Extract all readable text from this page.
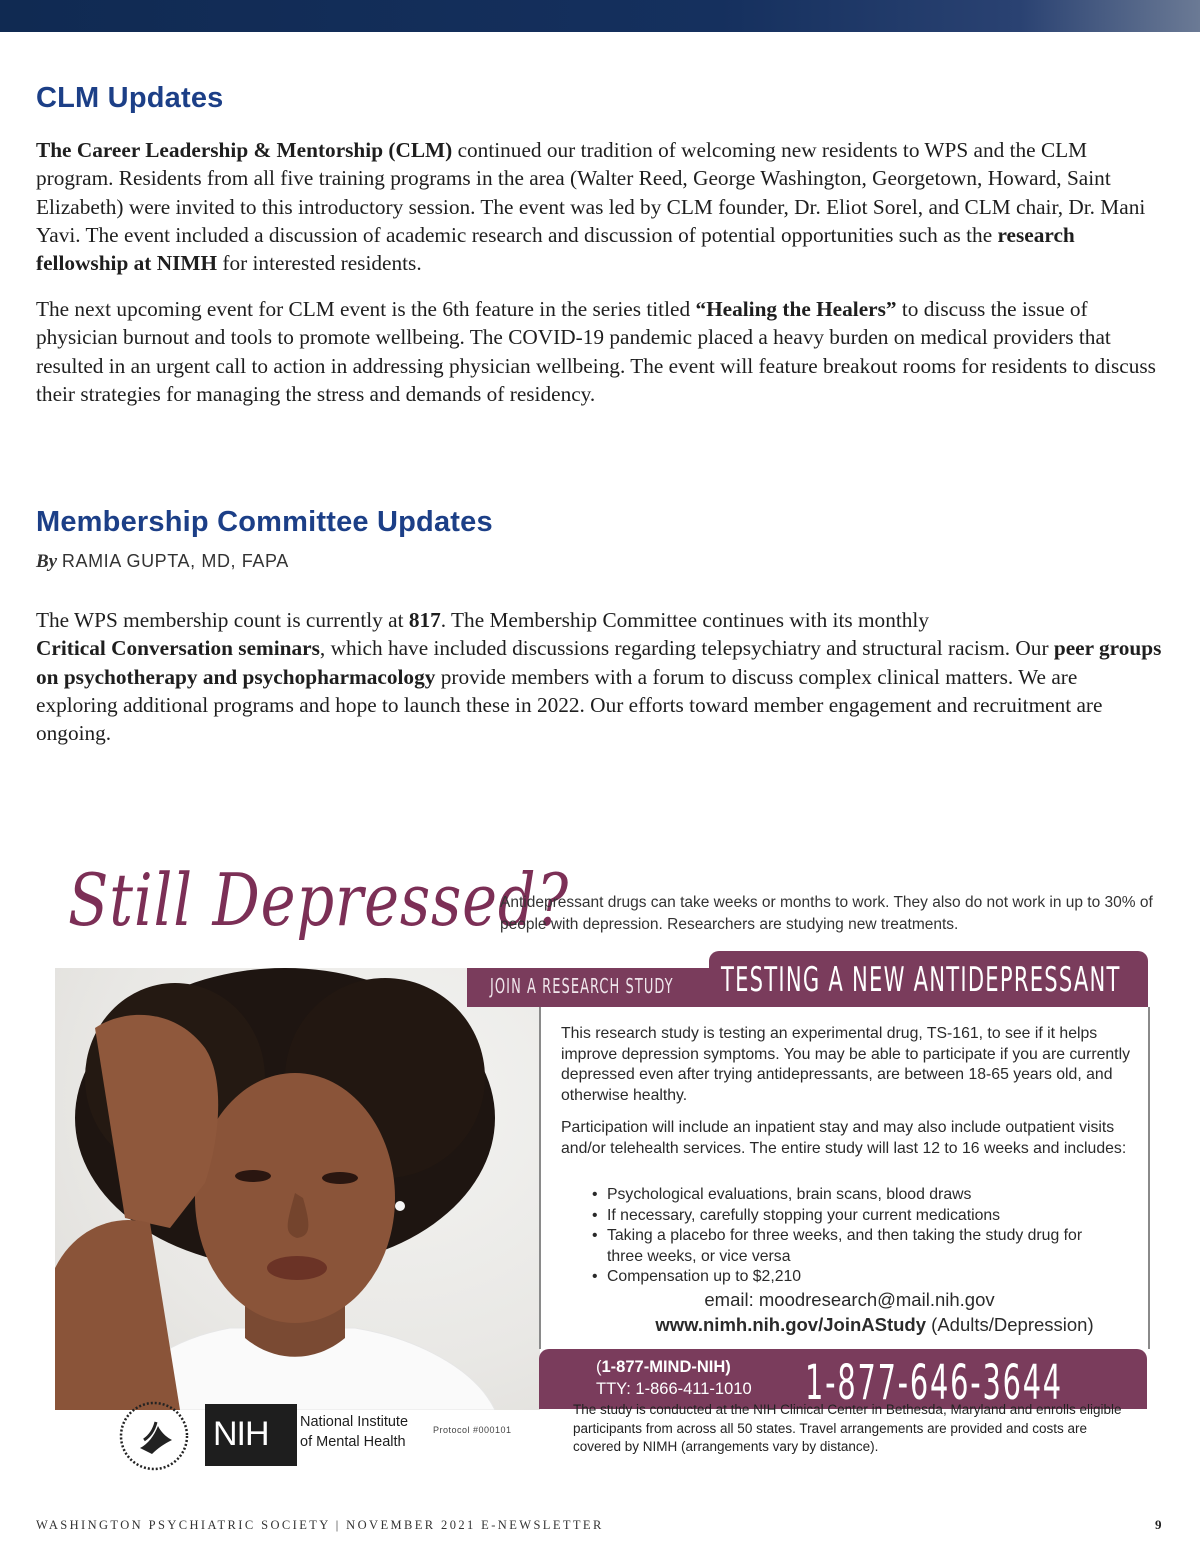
CLM Updates

The Career Leadership & Mentorship (CLM) continued our tradition of welcoming new residents to WPS and the CLM program. Residents from all five training programs in the area (Walter Reed, George Washington, Georgetown, Howard, Saint Elizabeth) were invited to this introductory session. The event was led by CLM founder, Dr. Eliot Sorel, and CLM chair, Dr. Mani Yavi. The event included a discussion of academic research and discussion of potential opportunities such as the research fellowship at NIMH for interested residents.

The next upcoming event for CLM event is the 6th feature in the series titled “Healing the Healers” to discuss the issue of physician burnout and tools to promote wellbeing. The COVID-19 pandemic placed a heavy burden on medical providers that resulted in an urgent call to action in addressing physician wellbeing. The event will feature breakout rooms for residents to discuss their strategies for managing the stress and demands of residency.

Membership Committee Updates
By RAMIA GUPTA, MD, FAPA

The WPS membership count is currently at 817. The Membership Committee continues with its monthly
Critical Conversation seminars, which have included discussions regarding telepsychiatry and structural racism. Our peer groups on psychotherapy and psychopharmacology provide members with a forum to discuss complex clinical matters. We are exploring additional programs and hope to launch these in 2022. Our efforts toward member engagement and recruitment are ongoing.

Still Depressed?

Antidepressant drugs can take weeks or months to work. They also do not work in up to 30% of people with depression. Researchers are studying new treatments.

JOIN A RESEARCH STUDY TESTING A NEW ANTIDEPRESSANT

This research study is testing an experimental drug, TS-161, to see if it helps improve depression symptoms. You may be able to participate if you are currently depressed even after trying antidepressants, are between 18-65 years old, and otherwise healthy.

Participation will include an inpatient stay and may also include outpatient visits and/or telehealth services. The entire study will last 12 to 16 weeks and includes:

• Psychological evaluations, brain scans, blood draws
• If necessary, carefully stopping your current medications
• Taking a placebo for three weeks, and then taking the study drug for three weeks, or vice versa
• Compensation up to $2,210
email: moodresearch@mail.nih.gov
www.nimh.nih.gov/JoinAStudy (Adults/Depression)
(1-877-MIND-NIH)
TTY: 1-866-411-1010 1-877-646-3644

The study is conducted at the NIH Clinical Center in Bethesda, Maryland and enrolls eligible participants from across all 50 states. Travel arrangements are provided and costs are covered by NIMH (arrangements vary by distance).

NIH National Institute
of Mental Health
Protocol #000101
WASHINGTON PSYCHIATRIC SOCIETY | NOVEMBER 2021 E-NEWSLETTER	9
